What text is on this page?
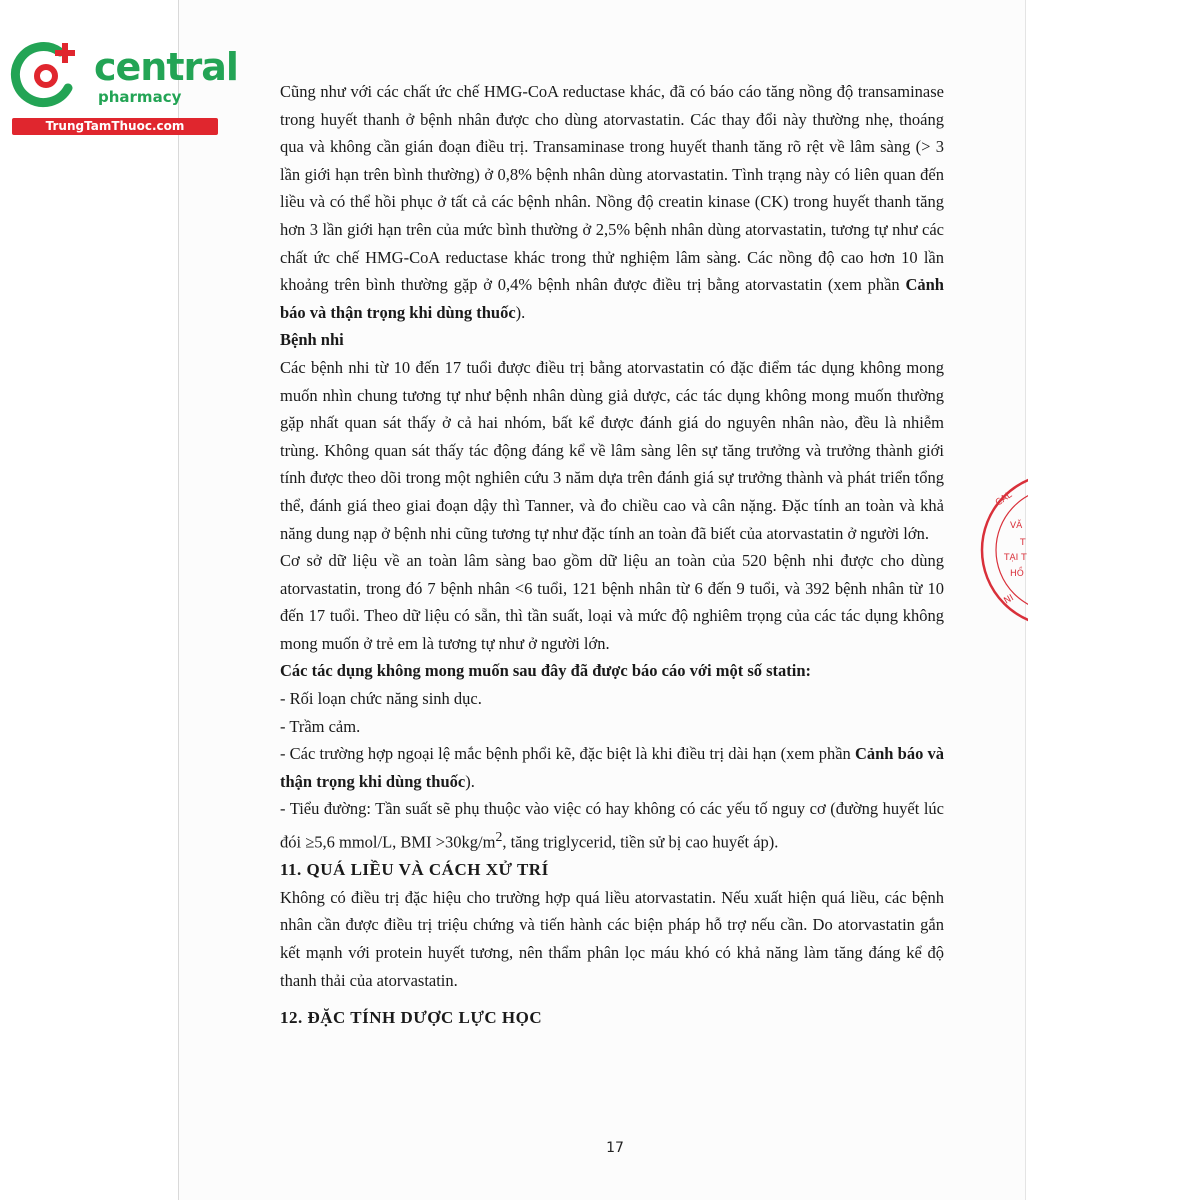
central
pharmacy
TrungTamThuoc.com

Cũng như với các chất ức chế HMG-CoA reductase khác, đã có báo cáo tăng nồng độ transaminase trong huyết thanh ở bệnh nhân được cho dùng atorvastatin. Các thay đổi này thường nhẹ, thoáng qua và không cần gián đoạn điều trị. Transaminase trong huyết thanh tăng rõ rệt về lâm sàng (> 3 lần giới hạn trên bình thường) ở 0,8% bệnh nhân dùng atorvastatin. Tình trạng này có liên quan đến liều và có thể hồi phục ở tất cả các bệnh nhân. Nồng độ creatin kinase (CK) trong huyết thanh tăng hơn 3 lần giới hạn trên của mức bình thường ở 2,5% bệnh nhân dùng atorvastatin, tương tự như các chất ức chế HMG-CoA reductase khác trong thử nghiệm lâm sàng. Các nồng độ cao hơn 10 lần khoảng trên bình thường gặp ở 0,4% bệnh nhân được điều trị bằng atorvastatin (xem phần Cảnh báo và thận trọng khi dùng thuốc).

Bệnh nhi

Các bệnh nhi từ 10 đến 17 tuổi được điều trị bằng atorvastatin có đặc điểm tác dụng không mong muốn nhìn chung tương tự như bệnh nhân dùng giả dược, các tác dụng không mong muốn thường gặp nhất quan sát thấy ở cả hai nhóm, bất kể được đánh giá do nguyên nhân nào, đều là nhiễm trùng. Không quan sát thấy tác động đáng kể về lâm sàng lên sự tăng trưởng và trưởng thành giới tính được theo dõi trong một nghiên cứu 3 năm dựa trên đánh giá sự trưởng thành và phát triển tổng thể, đánh giá theo giai đoạn dậy thì Tanner, và đo chiều cao và cân nặng. Đặc tính an toàn và khả năng dung nạp ở bệnh nhi cũng tương tự như đặc tính an toàn đã biết của atorvastatin ở người lớn.

Cơ sở dữ liệu về an toàn lâm sàng bao gồm dữ liệu an toàn của 520 bệnh nhi được cho dùng atorvastatin, trong đó 7 bệnh nhân <6 tuổi, 121 bệnh nhân từ 6 đến 9 tuổi, và 392 bệnh nhân từ 10 đến 17 tuổi. Theo dữ liệu có sẵn, thì tần suất, loại và mức độ nghiêm trọng của các tác dụng không mong muốn ở trẻ em là tương tự như ở người lớn.

Các tác dụng không mong muốn sau đây đã được báo cáo với một số statin:

- Rối loạn chức năng sinh dục.

- Trầm cảm.

- Các trường hợp ngoại lệ mắc bệnh phổi kẽ, đặc biệt là khi điều trị dài hạn (xem phần Cảnh báo và thận trọng khi dùng thuốc).

- Tiểu đường: Tần suất sẽ phụ thuộc vào việc có hay không có các yếu tố nguy cơ (đường huyết lúc đói ≥5,6 mmol/L, BMI $>30kg/m^2$, tăng triglycerid, tiền sử bị cao huyết áp).

11. QUÁ LIỀU VÀ CÁCH XỬ TRÍ

Không có điều trị đặc hiệu cho trường hợp quá liều atorvastatin. Nếu xuất hiện quá liều, các bệnh nhân cần được điều trị triệu chứng và tiến hành các biện pháp hỗ trợ nếu cần. Do atorvastatin gắn kết mạnh với protein huyết tương, nên thẩm phân lọc máu khó có khả năng làm tăng đáng kể độ thanh thải của atorvastatin.

12. ĐẶC TÍNH DƯỢC LỰC HỌC

17
CAL
VĂ
T
TẠI T
HỒ
NI
